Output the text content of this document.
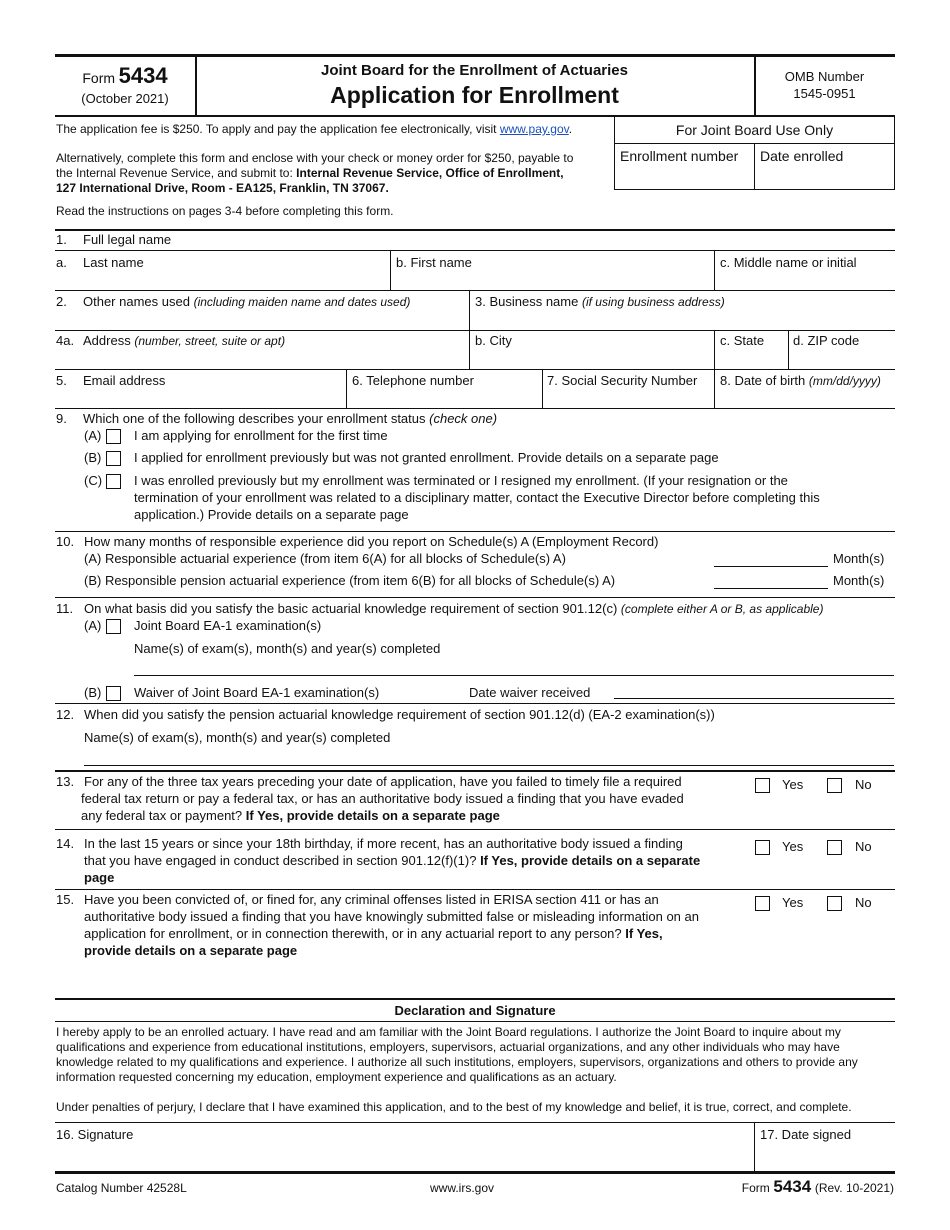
Form 5434
(October 2021)
Joint Board for the Enrollment of Actuaries
Application for Enrollment
OMB Number
1545-0951
The application fee is $250. To apply and pay the application fee electronically, visit www.pay.gov.
Alternatively, complete this form and enclose with your check or money order for $250, payable to
the Internal Revenue Service, and submit to: Internal Revenue Service, Office of Enrollment,
127 International Drive, Room - EA125, Franklin, TN 37067.
Read the instructions on pages 3-4 before completing this form.
For Joint Board Use Only
Enrollment number Date enrolled
1. Full legal name
a. Last name	b. First name	c. Middle name or initial
2. Other names used (including maiden name and dates used)	3. Business name (if using business address)
4a. Address (number, street, suite or apt)	b. City	c. State d. ZIP code
5. Email address	6. Telephone number	7. Social Security Number 8. Date of birth (mm/dd/yyyy)
9. Which one of the following describes your enrollment status (check one)
(A)	I am applying for enrollment for the first time
(B)	I applied for enrollment previously but was not granted enrollment. Provide details on a separate page
(C) I was enrolled previously but my enrollment was terminated or I resigned my enrollment. (If your resignation or the
termination of your enrollment was related to a disciplinary matter, contact the Executive Director before completing this
application.) Provide details on a separate page
10. How many months of responsible experience did you report on Schedule(s) A (Employment Record)
(A) Responsible actuarial experience (from item 6(A) for all blocks of Schedule(s) A)	Month(s)
(B) Responsible pension actuarial experience (from item 6(B) for all blocks of Schedule(s) A)	Month(s)
11. On what basis did you satisfy the basic actuarial knowledge requirement of section 901.12(c) (complete either A or B, as applicable)
(A)	Joint Board EA-1 examination(s)
Name(s) of exam(s), month(s) and year(s) completed
(B)	Waiver of Joint Board EA-1 examination(s)	Date waiver received
12. When did you satisfy the pension actuarial knowledge requirement of section 901.12(d) (EA-2 examination(s))
Name(s) of exam(s), month(s) and year(s) completed
13. For any of the three tax years preceding your date of application, have you failed to timely file a required
federal tax return or pay a federal tax, or has an authoritative body issued a finding that you have evaded
any federal tax or payment? If Yes, provide details on a separate page
Yes	No
14. In the last 15 years or since your 18th birthday, if more recent, has an authoritative body issued a finding
that you have engaged in conduct described in section 901.12(f)(1)? If Yes, provide details on a separate
page
Yes	No
15. Have you been convicted of, or fined for, any criminal offenses listed in ERISA section 411 or has an
authoritative body issued a finding that you have knowingly submitted false or misleading information on an
application for enrollment, or in connection therewith, or in any actuarial report to any person? If Yes,
provide details on a separate page
Yes	No
Declaration and Signature
I hereby apply to be an enrolled actuary. I have read and am familiar with the Joint Board regulations. I authorize the Joint Board to inquire about my
qualifications and experience from educational institutions, employers, supervisors, actuarial organizations, and any other individuals who may have
knowledge related to my qualifications and experience. I authorize all such institutions, employers, supervisors, organizations and others to provide any
information requested concerning my education, employment experience and qualifications as an actuary.
Under penalties of perjury, I declare that I have examined this application, and to the best of my knowledge and belief, it is true, correct, and complete.
16. Signature	17. Date signed
Catalog Number 42528L	www.irs.gov	Form 5434 (Rev. 10-2021)
